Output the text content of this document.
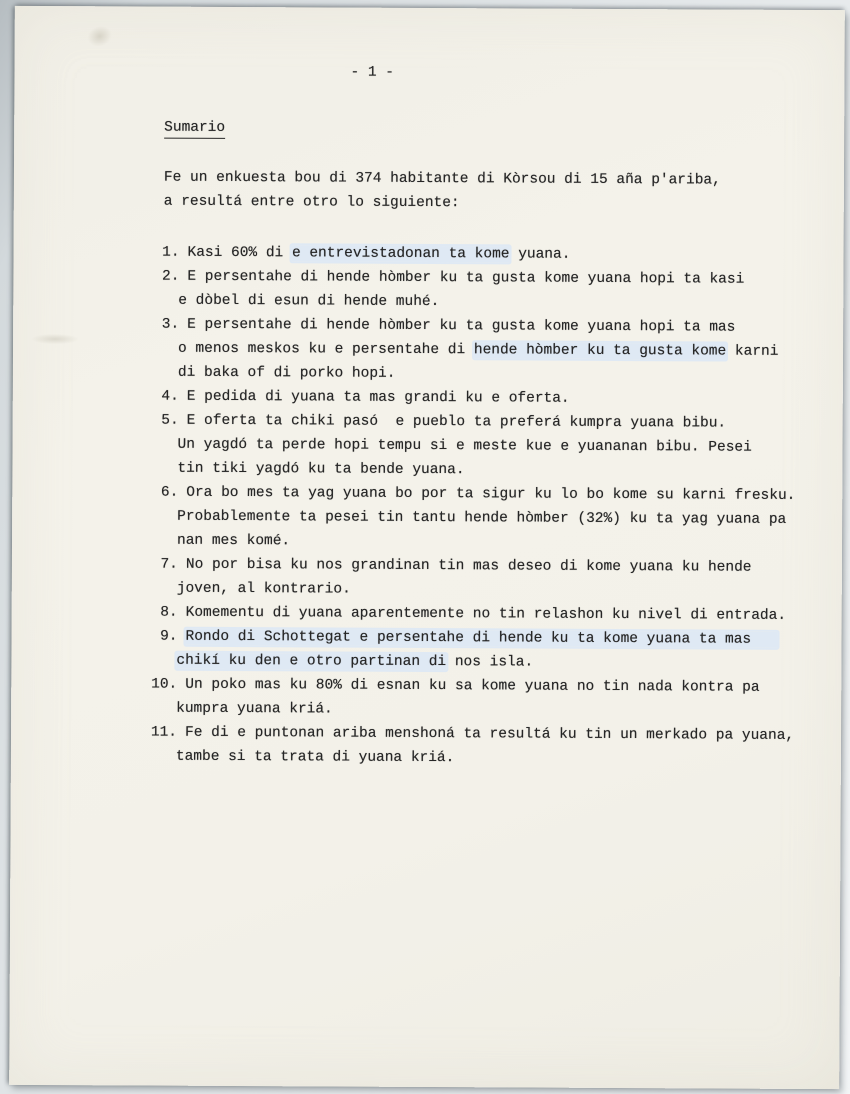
- 1 -
Sumario
Fe un enkuesta bou di 374 habitante di Kòrsou di 15 aña p'ariba,
a resultá entre otro lo siguiente:
1. Kasi 60% di e entrevistadonan ta kome yuana.
2. E persentahe di hende hòmber ku ta gusta kome yuana hopi ta kasi
e dòbel di esun di hende muhé.
3. E persentahe di hende hòmber ku ta gusta kome yuana hopi ta mas
o menos meskos ku e persentahe di hende hòmber ku ta gusta kome karni
di baka of di porko hopi.
4. E pedida di yuana ta mas grandi ku e oferta.
5. E oferta ta chiki pasó  e pueblo ta preferá kumpra yuana bibu.
Un yagdó ta perde hopi tempu si e meste kue e yuananan bibu. Pesei
tin tiki yagdó ku ta bende yuana.
6. Ora bo mes ta yag yuana bo por ta sigur ku lo bo kome su karni fresku.
Probablemente ta pesei tin tantu hende hòmber (32%) ku ta yag yuana pa
nan mes komé.
7. No por bisa ku nos grandinan tin mas deseo di kome yuana ku hende
joven, al kontrario.
8. Komementu di yuana aparentemente no tin relashon ku nivel di entrada.
9. Rondo di Schottegat e persentahe di hende ku ta kome yuana ta mas
chikí ku den e otro partinan di nos isla.
10. Un poko mas ku 80% di esnan ku sa kome yuana no tin nada kontra pa
kumpra yuana kriá.
11. Fe di e puntonan ariba menshoná ta resultá ku tin un merkado pa yuana,
tambe si ta trata di yuana kriá.
